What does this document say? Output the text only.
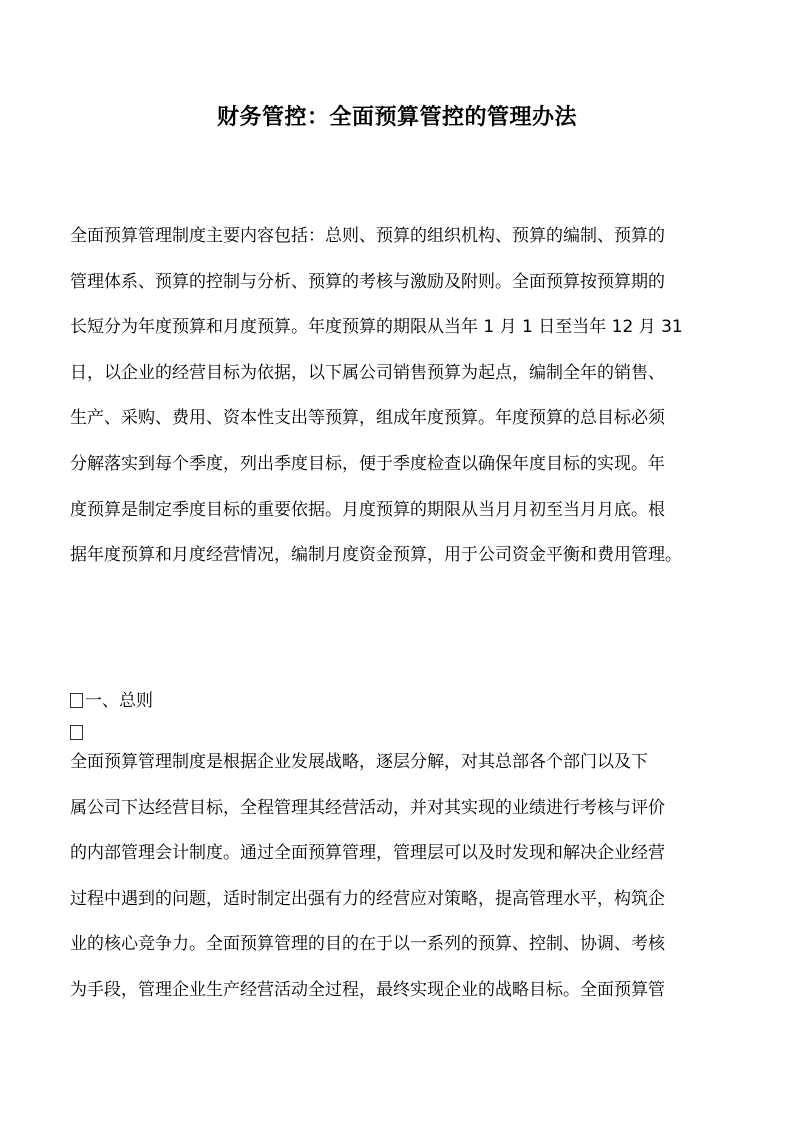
财务管控：全面预算管控的管理办法

全面预算管理制度主要内容包括：总则、预算的组织机构、预算的编制、预算的
管理体系、预算的控制与分析、预算的考核与激励及附则。全面预算按预算期的
长短分为年度预算和月度预算。年度预算的期限从当年 1 月 1 日至当年 12 月 31
日，以企业的经营目标为依据，以下属公司销售预算为起点，编制全年的销售、
生产、采购、费用、资本性支出等预算，组成年度预算。年度预算的总目标必须
分解落实到每个季度，列出季度目标，便于季度检查以确保年度目标的实现。年
度预算是制定季度目标的重要依据。月度预算的期限从当月月初至当月月底。根
据年度预算和月度经营情况，编制月度资金预算，用于公司资金平衡和费用管理。

一、总则

全面预算管理制度是根据企业发展战略，逐层分解，对其总部各个部门以及下
属公司下达经营目标，全程管理其经营活动，并对其实现的业绩进行考核与评价
的内部管理会计制度。通过全面预算管理，管理层可以及时发现和解决企业经营
过程中遇到的问题，适时制定出强有力的经营应对策略，提高管理水平，构筑企
业的核心竞争力。全面预算管理的目的在于以一系列的预算、控制、协调、考核
为手段，管理企业生产经营活动全过程，最终实现企业的战略目标。全面预算管
